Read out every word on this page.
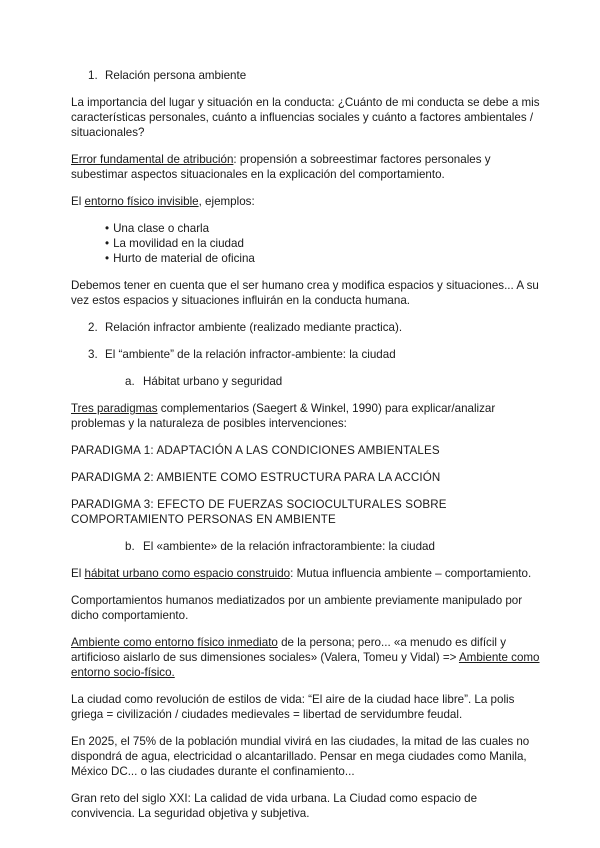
1. Relación persona ambiente

La importancia del lugar y situación en la conducta: ¿Cuánto de mi conducta se debe a mis características personales, cuánto a influencias sociales y cuánto a factores ambientales / situacionales?

Error fundamental de atribución: propensión a sobreestimar factores personales y subestimar aspectos situacionales en la explicación del comportamiento.

El entorno físico invisible, ejemplos:

• Una clase o charla
• La movilidad en la ciudad
• Hurto de material de oficina

Debemos tener en cuenta que el ser humano crea y modifica espacios y situaciones... A su vez estos espacios y situaciones influirán en la conducta humana.

2. Relación infractor ambiente (realizado mediante practica).
3. El “ambiente” de la relación infractor-ambiente: la ciudad
a. Hábitat urbano y seguridad

Tres paradigmas complementarios (Saegert & Winkel, 1990) para explicar/analizar problemas y la naturaleza de posibles intervenciones:

PARADIGMA 1: ADAPTACIÓN A LAS CONDICIONES AMBIENTALES

PARADIGMA 2: AMBIENTE COMO ESTRUCTURA PARA LA ACCIÓN

PARADIGMA 3: EFECTO DE FUERZAS SOCIOCULTURALES SOBRE COMPORTAMIENTO PERSONAS EN AMBIENTE

b. El «ambiente» de la relación infractorambiente: la ciudad

El hábitat urbano como espacio construido: Mutua influencia ambiente – comportamiento.

Comportamientos humanos mediatizados por un ambiente previamente manipulado por dicho comportamiento.

Ambiente como entorno físico inmediato de la persona; pero... «a menudo es difícil y artificioso aislarlo de sus dimensiones sociales» (Valera, Tomeu y Vidal) => Ambiente como entorno socio-físico.

La ciudad como revolución de estilos de vida: “El aire de la ciudad hace libre”. La polis griega = civilización / ciudades medievales = libertad de servidumbre feudal.

En 2025, el 75% de la población mundial vivirá en las ciudades, la mitad de las cuales no dispondrá de agua, electricidad o alcantarillado. Pensar en mega ciudades como Manila, México DC... o las ciudades durante el confinamiento...

Gran reto del siglo XXI: La calidad de vida urbana. La Ciudad como espacio de convivencia. La seguridad objetiva y subjetiva.
